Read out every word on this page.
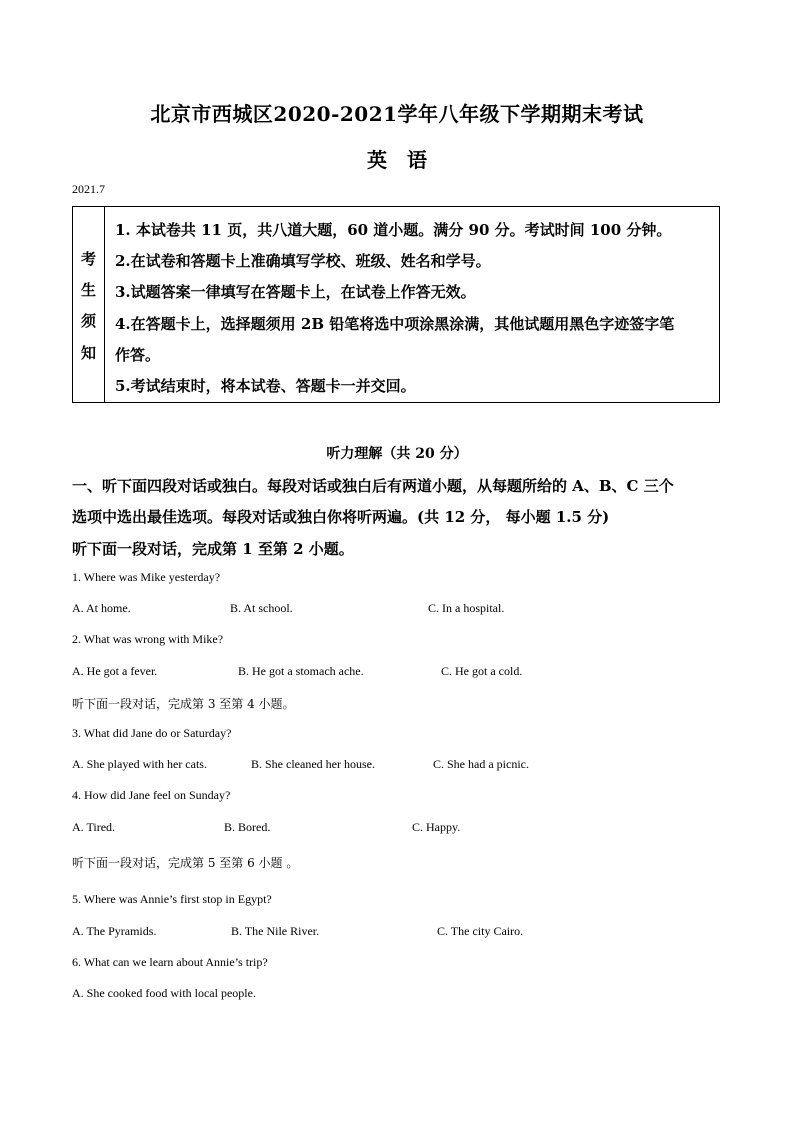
北京市西城区2020-2021学年八年级下学期期末考试
英　语
2021.7
考
生
须
知
1. 本试卷共 11 页，共八道大题，60 道小题。满分 90 分。考试时间 100 分钟。
2.在试卷和答题卡上准确填写学校、班级、姓名和学号。
3.试题答案一律填写在答题卡上，在试卷上作答无效。
4.在答题卡上，选择题须用 2B 铅笔将选中项涂黑涂满，其他试题用黑色字迹签字笔
作答。
5.考试结束时，将本试卷、答题卡一并交回。
听力理解（共 20 分）
一、听下面四段对话或独白。每段对话或独白后有两道小题，从每题所给的 A、B、C 三个
选项中选出最佳选项。每段对话或独白你将听两遍。(共 12 分， 每小题 1.5 分)
听下面一段对话，完成第 1 至第 2 小题。
1. Where was Mike yesterday?
A. At home.	B. At school.	C. In a hospital.
2. What was wrong with Mike?
A. He got a fever.	B. He got a stomach ache.	C. He got a cold.
听下面一段对话，完成第 3 至第 4 小题。
3. What did Jane do or Saturday?
A. She played with her cats.	B. She cleaned her house.	C. She had a picnic.
4. How did Jane feel on Sunday?
A. Tired.	B. Bored.	C. Happy.
听下面一段对话，完成第 5 至第 6 小题 。
5. Where was Annie’s first stop in Egypt?
A. The Pyramids.	B. The Nile River.	C. The city Cairo.
6. What can we learn about Annie’s trip?
A. She cooked food with local people.
